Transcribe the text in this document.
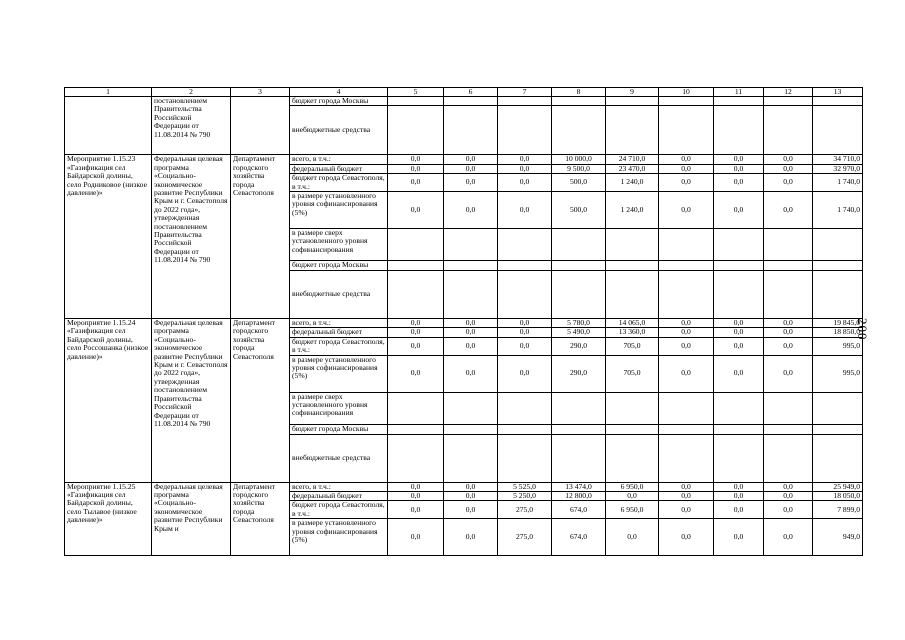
200
1	2	3	4	5	6	7	8	9	10	11	12	13
	постановлением Правительства Российской Федерации от 11.08.2014 № 790		бюджет города Москвы									
			внебюджетные средства									
Мероприятие 1.15.23 «Газификация сел Байдарской долины, село Родниковое (низкое давление)»	Федеральная целевая программа «Социально-экономическое развитие Республики Крым и г. Севастополя до 2022 года», утвержденная постановлением Правительства Российской Федерации от 11.08.2014 № 790	Департамент городского хозяйства города Севастополя	всего, в т.ч.:	0,0	0,0	0,0	10 000,0	24 710,0	0,0	0,0	0,0	34 710,0
			федеральный бюджет	0,0	0,0	0,0	9 500,0	23 470,0	0,0	0,0	0,0	32 970,0
			бюджет города Севастополя, в т.ч.:	0,0	0,0	0,0	500,0	1 240,0	0,0	0,0	0,0	1 740,0
			в размере установленного уровня софинансирования (5%)	0,0	0,0	0,0	500,0	1 240,0	0,0	0,0	0,0	1 740,0
			в размере сверх установленного уровня софинансирования									
			бюджет города Москвы									
			внебюджетные средства									
Мероприятие 1.15.24 «Газификация сел Байдарской долины, село Россошанка (низкое давление)»	Федеральная целевая программа «Социально-экономическое развитие Республики Крым и г. Севастополя до 2022 года», утвержденная постановлением Правительства Российской Федерации от 11.08.2014 № 790	Департамент городского хозяйства города Севастополя	всего, в т.ч.:	0,0	0,0	0,0	5 780,0	14 065,0	0,0	0,0	0,0	19 845,0
			федеральный бюджет	0,0	0,0	0,0	5 490,0	13 360,0	0,0	0,0	0,0	18 850,0
			бюджет города Севастополя, в т.ч.:	0,0	0,0	0,0	290,0	705,0	0,0	0,0	0,0	995,0
			в размере установленного уровня софинансирования (5%)	0,0	0,0	0,0	290,0	705,0	0,0	0,0	0,0	995,0
			в размере сверх установленного уровня софинансирования									
			бюджет города Москвы									
			внебюджетные средства									
Мероприятие 1.15.25 «Газификация сел Байдарской долины, село Тылавое (низкое давление)»	Федеральная целевая программа «Социально-экономическое развитие Республики Крым и	Департамент городского хозяйства города Севастополя	всего, в т.ч.:	0,0	0,0	5 525,0	13 474,0	6 950,0	0,0	0,0	0,0	25 949,0
			федеральный бюджет	0,0	0,0	5 250,0	12 800,0	0,0	0,0	0,0	0,0	18 050,0
			бюджет города Севастополя, в т.ч.:	0,0	0,0	275,0	674,0	6 950,0	0,0	0,0	0,0	7 899,0
			в размере установленного уровня софинансирования (5%)	0,0	0,0	275,0	674,0	0,0	0,0	0,0	0,0	949,0
